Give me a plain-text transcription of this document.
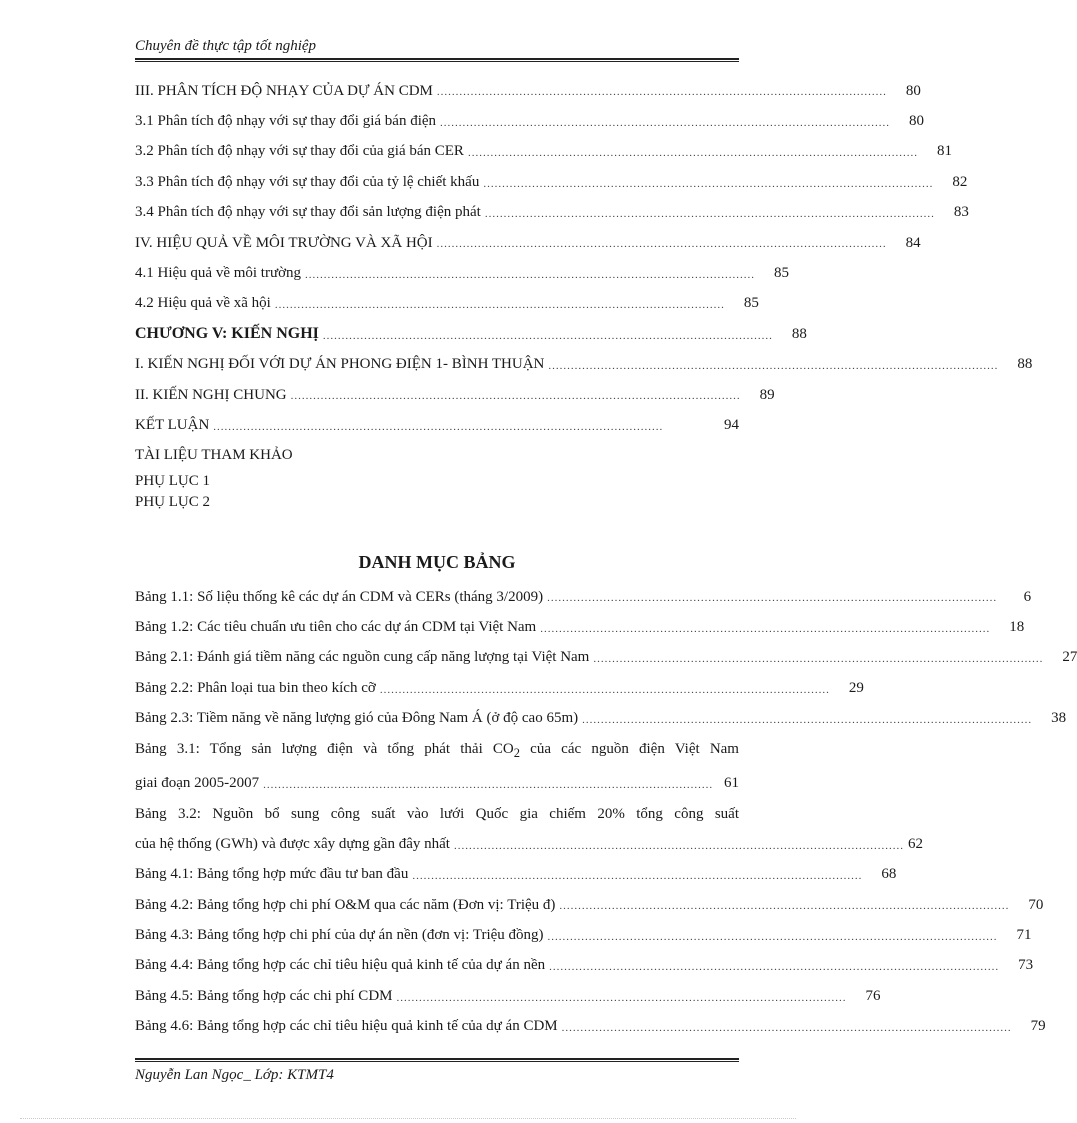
Chuyên đề thực tập tốt nghiệp
III. PHÂN TÍCH ĐỘ NHẠY CỦA DỰ ÁN CDM ........................................................................................................................	80
3.1 Phân tích độ nhạy với sự thay đổi giá bán điện ........................................................................................................................	80
3.2 Phân tích độ nhạy với sự thay đổi của giá bán CER ........................................................................................................................	81
3.3 Phân tích độ nhạy với sự thay đổi của tỷ lệ chiết khấu ........................................................................................................................	82
3.4 Phân tích độ nhạy với sự thay đổi sản lượng điện phát ........................................................................................................................	83
IV. HIỆU QUẢ VỀ MÔI TRƯỜNG VÀ XÃ HỘI ........................................................................................................................	84
4.1 Hiệu quả về môi trường ........................................................................................................................	85
4.2 Hiệu quả về xã hội ........................................................................................................................	85
CHƯƠNG V: KIẾN NGHỊ ........................................................................................................................	88
I. KIẾN NGHỊ ĐỐI VỚI DỰ ÁN PHONG ĐIỆN 1- BÌNH THUẬN ........................................................................................................................	88
II. KIẾN NGHỊ CHUNG ........................................................................................................................	89
KẾT LUẬN ........................................................................................................................	94
TÀI LIỆU THAM KHẢO
PHỤ LỤC 1
PHỤ LỤC 2
DANH MỤC BẢNG
Bảng 1.1: Số liệu thống kê các dự án CDM và CERs (tháng 3/2009) ........................................................................................................................	6
Bảng 1.2: Các tiêu chuẩn ưu tiên cho các dự án CDM tại Việt Nam ........................................................................................................................	18
Bảng 2.1: Đánh giá tiềm năng các nguồn cung cấp năng lượng tại Việt Nam ........................................................................................................................	27
Bảng 2.2: Phân loại tua bin theo kích cỡ ........................................................................................................................	29
Bảng 2.3: Tiềm năng về năng lượng gió của Đông Nam Á (ở độ cao 65m) ........................................................................................................................	38
Bảng 3.1: Tổng sản lượng điện và tổng phát thải $CO_2$ của các nguồn điện Việt Nam
giai đoạn 2005-2007 ........................................................................................................................ 61
Bảng 3.2: Nguồn bổ sung công suất vào lưới Quốc gia chiếm 20% tổng công suất
của hệ thống (GWh) và được xây dựng gần đây nhất ........................................................................................................................ 62
Bảng 4.1: Bảng tổng hợp mức đầu tư ban đầu ........................................................................................................................	68
Bảng 4.2: Bảng tổng hợp chi phí O&M qua các năm (Đơn vị: Triệu đ) ........................................................................................................................	70
Bảng 4.3: Bảng tổng hợp chi phí của dự án nền (đơn vị: Triệu đồng) ........................................................................................................................	71
Bảng 4.4: Bảng tổng hợp các chỉ tiêu hiệu quả kinh tế của dự án nền ........................................................................................................................	73
Bảng 4.5: Bảng tổng hợp các chi phí CDM ........................................................................................................................	76
Bảng 4.6: Bảng tổng hợp các chỉ tiêu hiệu quả kinh tế của dự án CDM ........................................................................................................................	79
Nguyễn Lan Ngọc_ Lớp: KTMT4
